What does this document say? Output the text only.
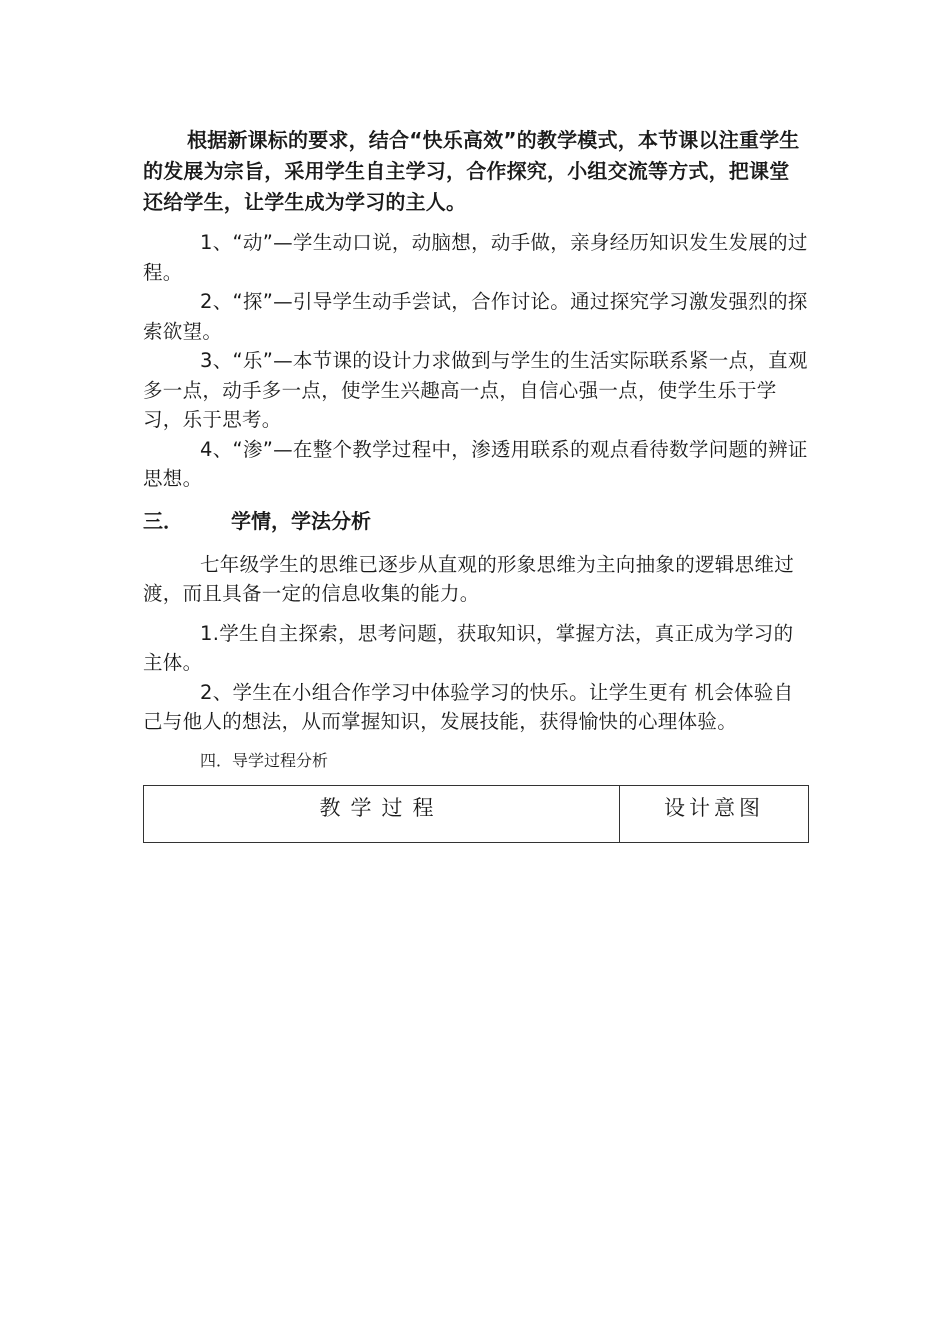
根据新课标的要求，结合“快乐高效”的教学模式，本节课以注重学生的发展为宗旨，采用学生自主学习，合作探究，小组交流等方式，把课堂还给学生，让学生成为学习的主人。

1、“动”—学生动口说，动脑想，动手做，亲身经历知识发生发展的过程。

2、“探”—引导学生动手尝试，合作讨论。通过探究学习激发强烈的探索欲望。

3、“乐”—本节课的设计力求做到与学生的生活实际联系紧一点，直观多一点，动手多一点，使学生兴趣高一点，自信心强一点，使学生乐于学习，乐于思考。

4、“渗”—在整个教学过程中，渗透用联系的观点看待数学问题的辨证思想。

三．	学情，学法分析

七年级学生的思维已逐步从直观的形象思维为主向抽象的逻辑思维过渡，而且具备一定的信息收集的能力。

1.学生自主探索，思考问题，获取知识，掌握方法，真正成为学习的主体。

2、学生在小组合作学习中体验学习的快乐。让学生更有 机会体验自己与他人的想法，从而掌握知识，发展技能，获得愉快的心理体验。

四．导学过程分析
教学过程	设计意图
